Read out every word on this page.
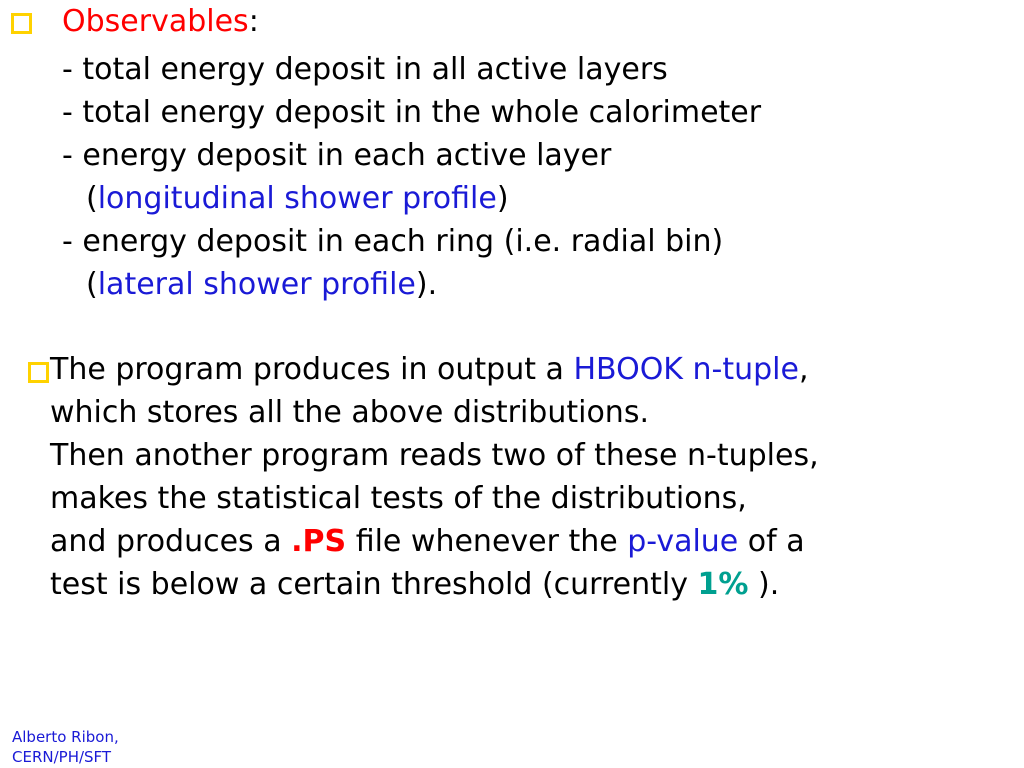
Observables:
- total energy deposit in all active layers
- total energy deposit in the whole calorimeter
- energy deposit in each active layer
(longitudinal shower profile)
- energy deposit in each ring (i.e. radial bin)
(lateral shower profile).
The program produces in output a HBOOK n-tuple,
which stores all the above distributions.
Then another program reads two of these n-tuples,
makes the statistical tests of the distributions,
and produces a .PS file whenever the p-value of a
test is below a certain threshold (currently 1% ).
Alberto Ribon,
CERN/PH/SFT
